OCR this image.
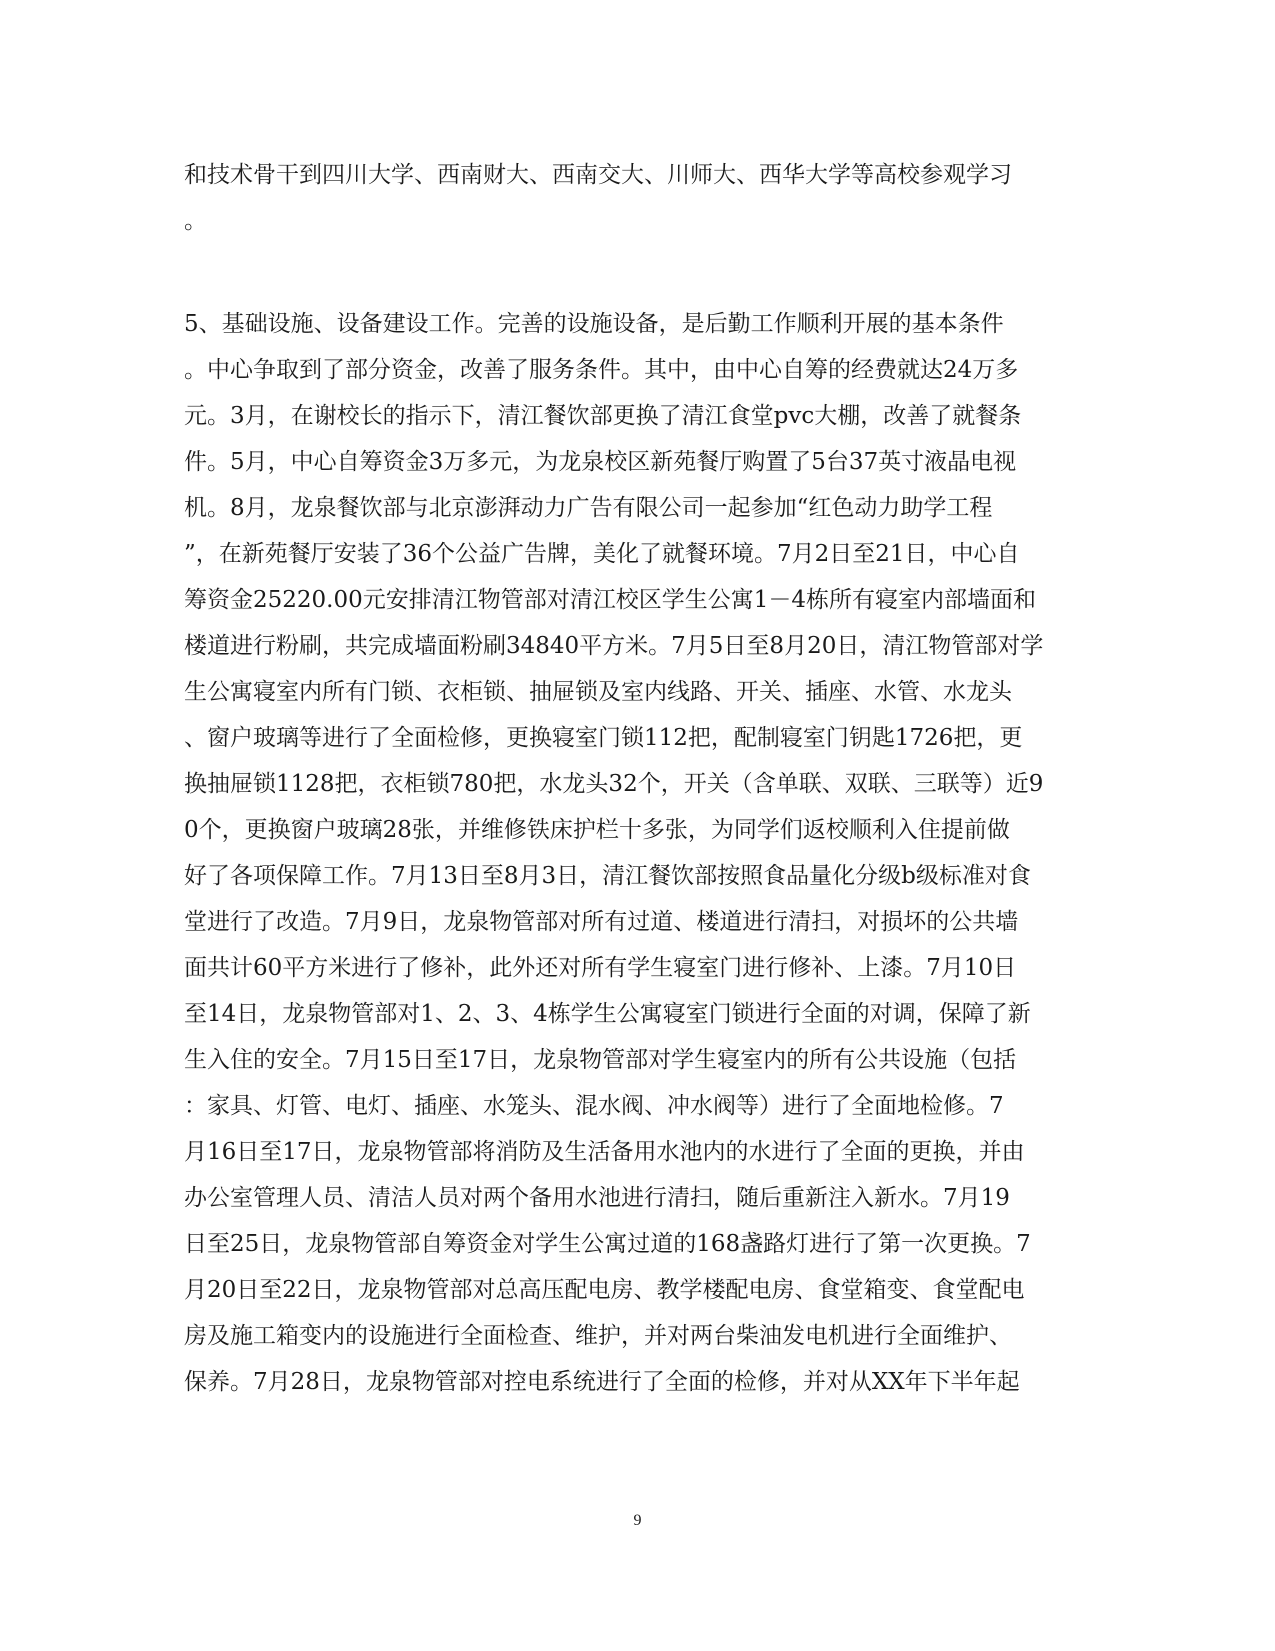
和技术骨干到四川大学、西南财大、西南交大、川师大、西华大学等高校参观学习
。
5、基础设施、设备建设工作。完善的设施设备，是后勤工作顺利开展的基本条件
。中心争取到了部分资金，改善了服务条件。其中，由中心自筹的经费就达24万多
元。3月，在谢校长的指示下，清江餐饮部更换了清江食堂pvc大棚，改善了就餐条
件。5月，中心自筹资金3万多元，为龙泉校区新苑餐厅购置了5台37英寸液晶电视
机。8月，龙泉餐饮部与北京澎湃动力广告有限公司一起参加“红色动力助学工程
”，在新苑餐厅安装了36个公益广告牌，美化了就餐环境。7月2日至21日，中心自
筹资金25220.00元安排清江物管部对清江校区学生公寓1－4栋所有寝室内部墙面和
楼道进行粉刷，共完成墙面粉刷34840平方米。7月5日至8月20日，清江物管部对学
生公寓寝室内所有门锁、衣柜锁、抽屉锁及室内线路、开关、插座、水管、水龙头
、窗户玻璃等进行了全面检修，更换寝室门锁112把，配制寝室门钥匙1726把，更
换抽屉锁1128把，衣柜锁780把，水龙头32个，开关（含单联、双联、三联等）近9
0个，更换窗户玻璃28张，并维修铁床护栏十多张，为同学们返校顺利入住提前做
好了各项保障工作。7月13日至8月3日，清江餐饮部按照食品量化分级b级标准对食
堂进行了改造。7月9日，龙泉物管部对所有过道、楼道进行清扫，对损坏的公共墙
面共计60平方米进行了修补，此外还对所有学生寝室门进行修补、上漆。7月10日
至14日，龙泉物管部对1、2、3、4栋学生公寓寝室门锁进行全面的对调，保障了新
生入住的安全。7月15日至17日，龙泉物管部对学生寝室内的所有公共设施（包括
：家具、灯管、电灯、插座、水笼头、混水阀、冲水阀等）进行了全面地检修。7
月16日至17日，龙泉物管部将消防及生活备用水池内的水进行了全面的更换，并由
办公室管理人员、清洁人员对两个备用水池进行清扫，随后重新注入新水。7月19
日至25日，龙泉物管部自筹资金对学生公寓过道的168盏路灯进行了第一次更换。7
月20日至22日，龙泉物管部对总高压配电房、教学楼配电房、食堂箱变、食堂配电
房及施工箱变内的设施进行全面检查、维护，并对两台柴油发电机进行全面维护、
保养。7月28日，龙泉物管部对控电系统进行了全面的检修，并对从XX年下半年起
9
